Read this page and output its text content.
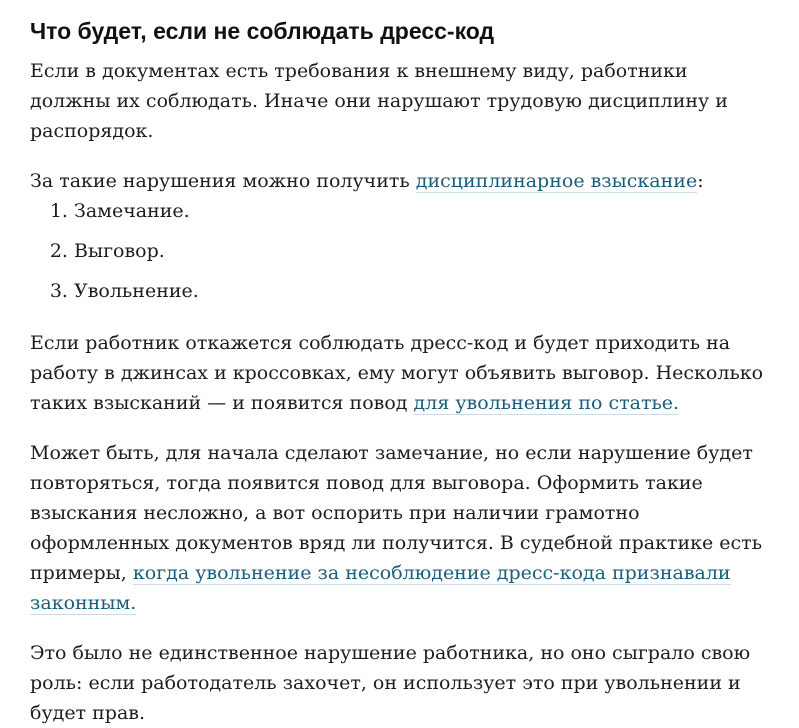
Что будет, если не соблюдать дресс-код

Если в документах есть требования к внешнему виду, работники должны их соблюдать. Иначе они нарушают трудовую дисциплину и распорядок.

За такие нарушения можно получить дисциплинарное взыскание:

1. Замечание.
2. Выговор.
3. Увольнение.

Если работник откажется соблюдать дресс-код и будет приходить на работу в джинсах и кроссовках, ему могут объявить выговор. Несколько таких взысканий — и появится повод для увольнения по статье.

Может быть, для начала сделают замечание, но если нарушение будет повторяться, тогда появится повод для выговора. Оформить такие взыскания несложно, а вот оспорить при наличии грамотно оформленных документов вряд ли получится. В судебной практике есть примеры, когда увольнение за несоблюдение дресс-кода признавали законным.

Это было не единственное нарушение работника, но оно сыграло свою роль: если работодатель захочет, он использует это при увольнении и будет прав.
